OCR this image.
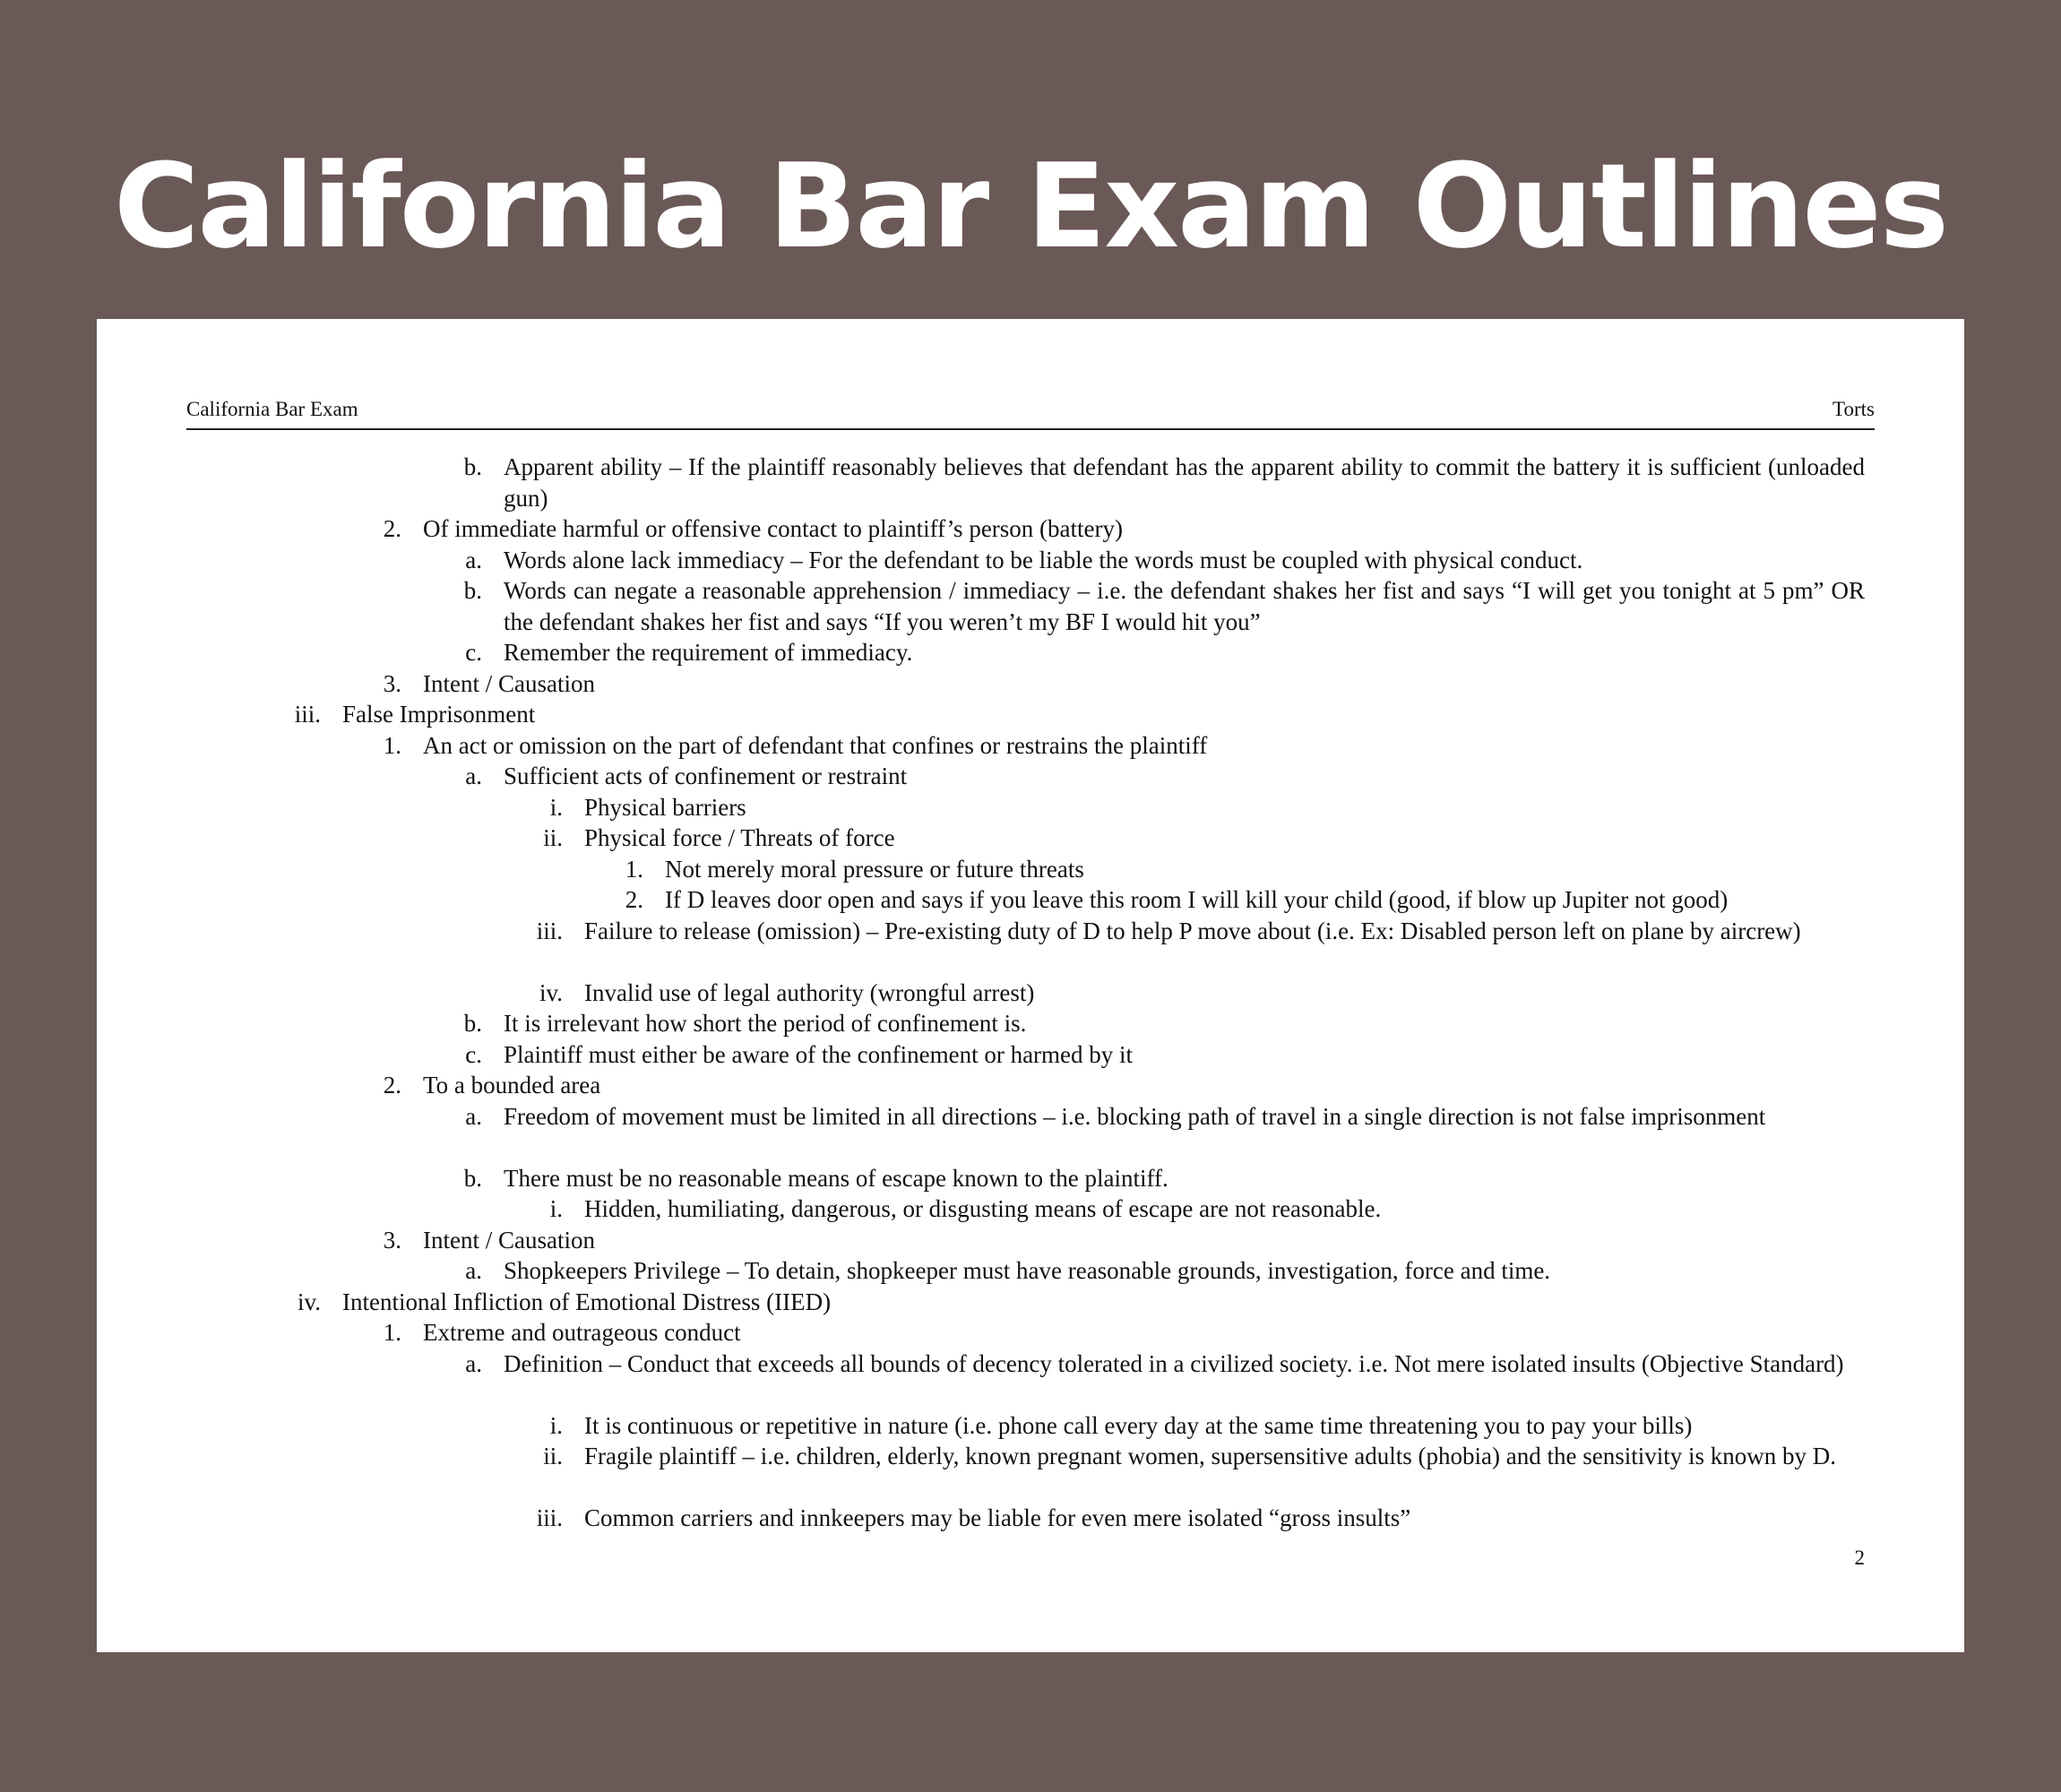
California Bar Exam Outlines
California Bar Exam	Torts
b. Apparent ability – If the plaintiff reasonably believes that defendant has the apparent ability to commit the battery it is sufficient (unloaded gun)
2. Of immediate harmful or offensive contact to plaintiff’s person (battery)
a. Words alone lack immediacy – For the defendant to be liable the words must be coupled with physical conduct.
b. Words can negate a reasonable apprehension / immediacy – i.e. the defendant shakes her fist and says “I will get you tonight at 5 pm” OR the defendant shakes her fist and says “If you weren’t my BF I would hit you”
c. Remember the requirement of immediacy.
3. Intent / Causation
iii. False Imprisonment
1. An act or omission on the part of defendant that confines or restrains the plaintiff
a. Sufficient acts of confinement or restraint
i. Physical barriers
ii. Physical force / Threats of force
1. Not merely moral pressure or future threats
2. If D leaves door open and says if you leave this room I will kill your child (good, if blow up Jupiter not good)
iii. Failure to release (omission) – Pre-existing duty of D to help P move about (i.e. Ex: Disabled person left on plane by aircrew)
iv. Invalid use of legal authority (wrongful arrest)
b. It is irrelevant how short the period of confinement is.
c. Plaintiff must either be aware of the confinement or harmed by it
2. To a bounded area
a. Freedom of movement must be limited in all directions – i.e. blocking path of travel in a single direction is not false imprisonment
b. There must be no reasonable means of escape known to the plaintiff.
i. Hidden, humiliating, dangerous, or disgusting means of escape are not reasonable.
3. Intent / Causation
a. Shopkeepers Privilege – To detain, shopkeeper must have reasonable grounds, investigation, force and time.
iv. Intentional Infliction of Emotional Distress (IIED)
1. Extreme and outrageous conduct
a. Definition – Conduct that exceeds all bounds of decency tolerated in a civilized society. i.e. Not mere isolated insults (Objective Standard)
i. It is continuous or repetitive in nature (i.e. phone call every day at the same time threatening you to pay your bills)
ii. Fragile plaintiff – i.e. children, elderly, known pregnant women, supersensitive adults (phobia) and the sensitivity is known by D.
iii. Common carriers and innkeepers may be liable for even mere isolated “gross insults”
2
